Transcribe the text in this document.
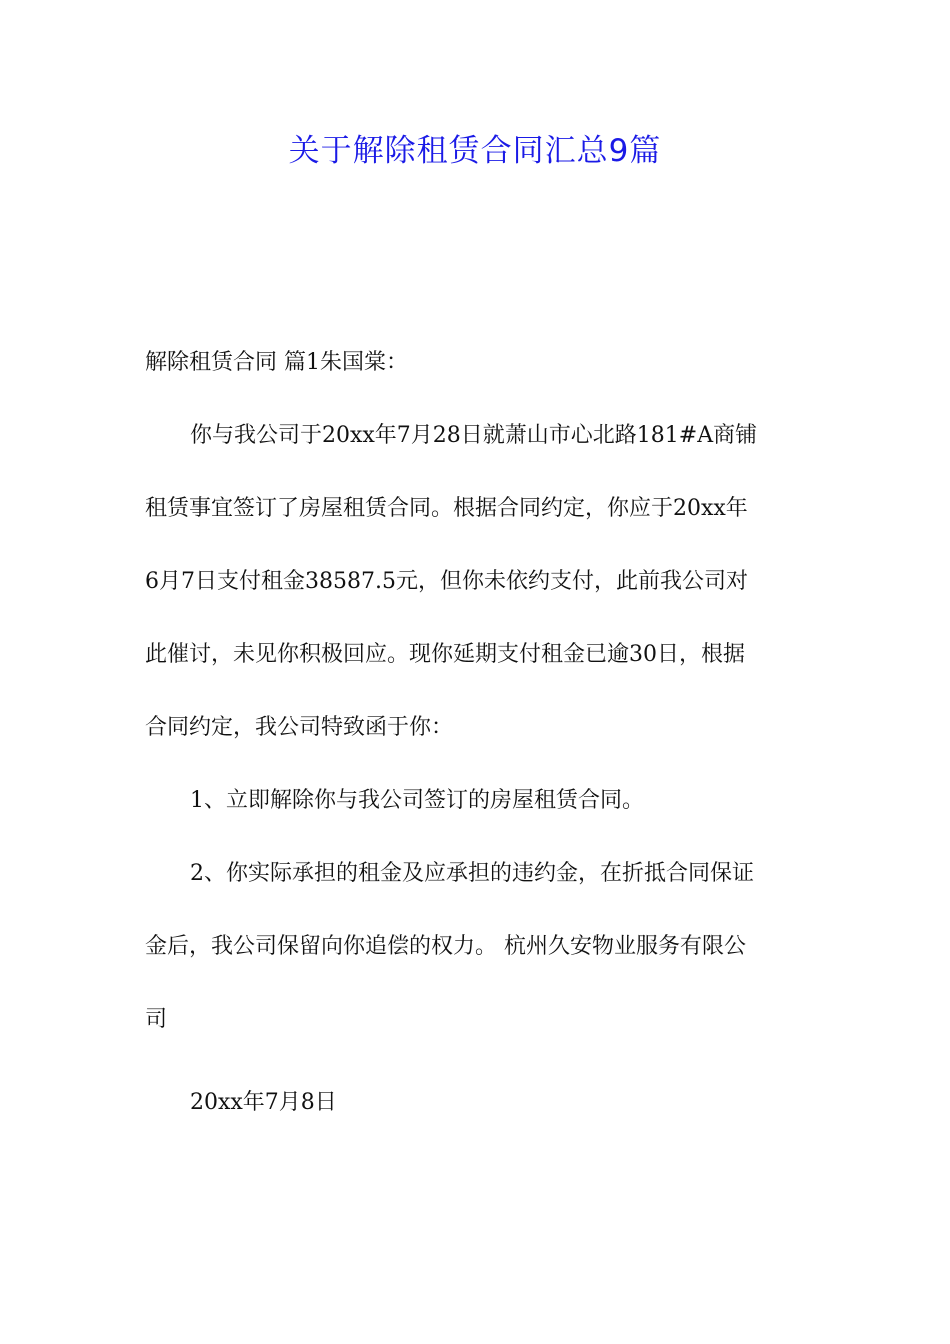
关于解除租赁合同汇总9篇

解除租赁合同 篇1朱国棠：

你与我公司于20xx年7月28日就萧山市心北路181#A商铺

租赁事宜签订了房屋租赁合同。根据合同约定，你应于20xx年

6月7日支付租金38587.5元，但你未依约支付，此前我公司对

此催讨，未见你积极回应。现你延期支付租金已逾30日，根据

合同约定，我公司特致函于你：

1、立即解除你与我公司签订的房屋租赁合同。

2、你实际承担的租金及应承担的违约金，在折抵合同保证

金后，我公司保留向你追偿的权力。 杭州久安物业服务有限公

司

20xx年7月8日
